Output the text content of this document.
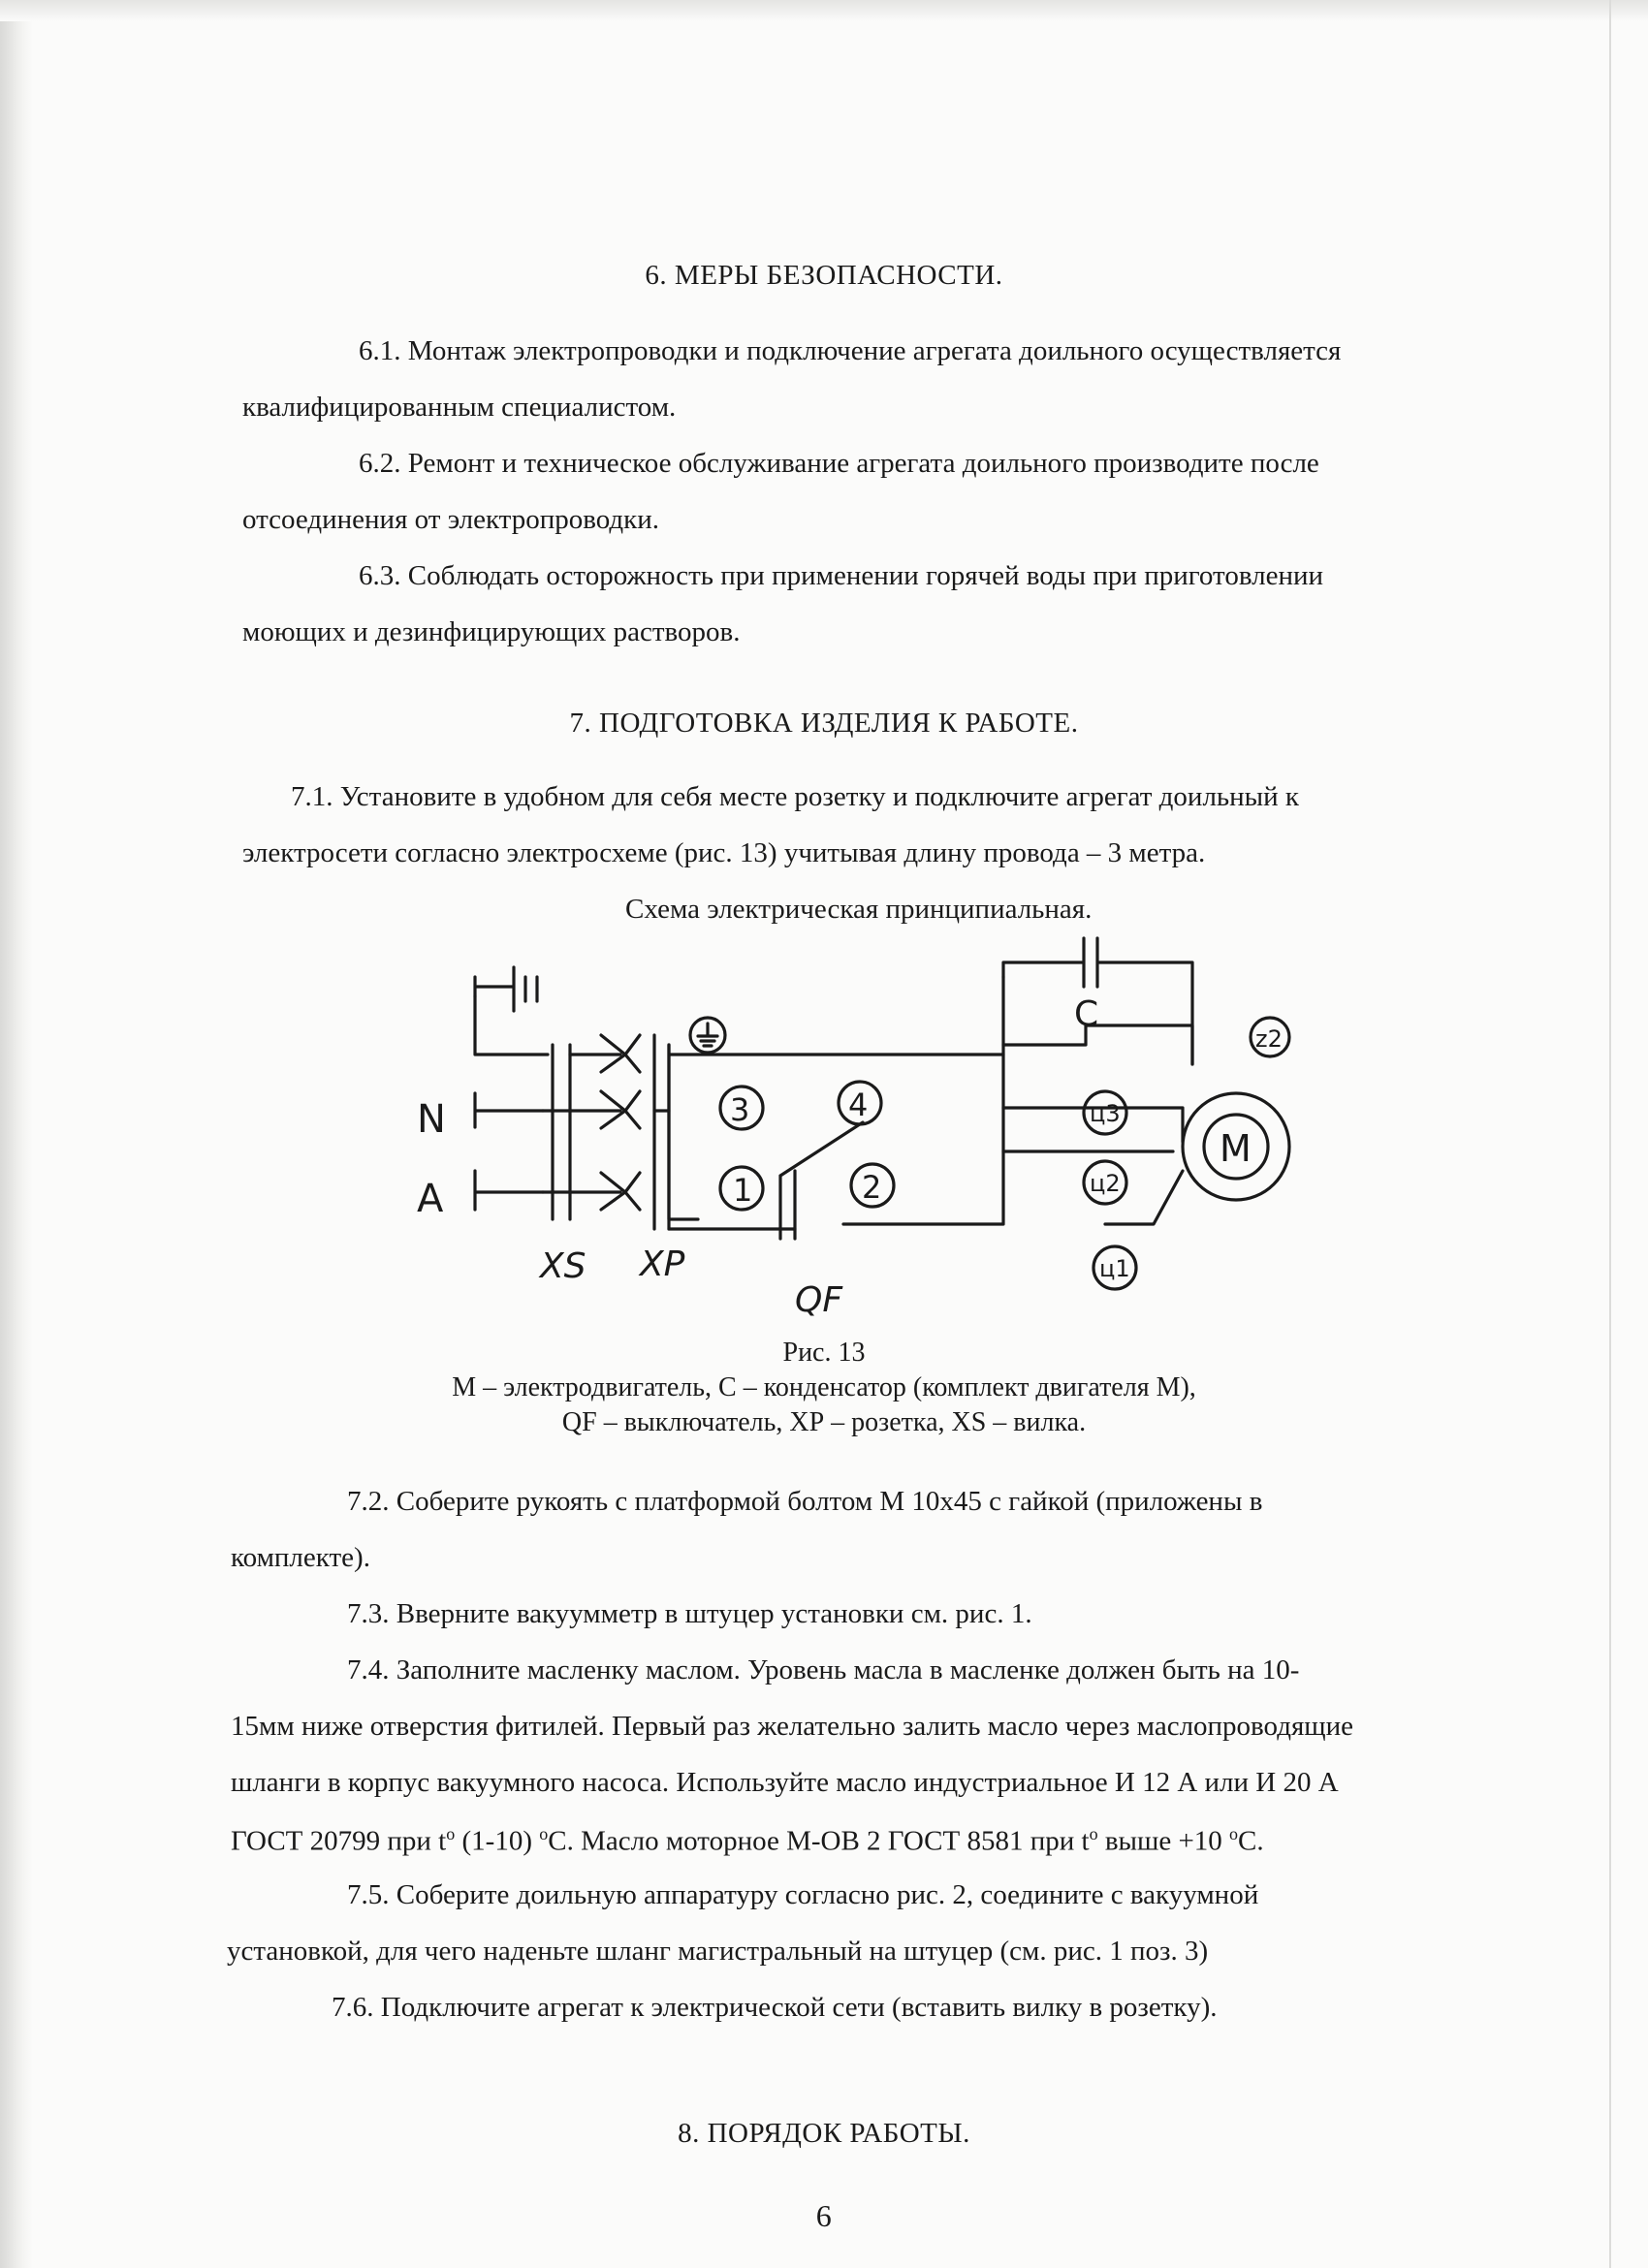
6. МЕРЫ БЕЗОПАСНОСТИ.
6.1. Монтаж электропроводки и подключение агрегата доильного осуществляется
квалифицированным специалистом.
6.2. Ремонт и техническое обслуживание агрегата доильного производите после
отсоединения от электропроводки.
6.3. Соблюдать осторожность при применении горячей воды при приготовлении
моющих и дезинфицирующих растворов.
7. ПОДГОТОВКА ИЗДЕЛИЯ К РАБОТЕ.
7.1. Установите в удобном для себя месте розетку и подключите агрегат доильный к
электросети согласно электросхеме (рис. 13) учитывая длину провода – 3 метра.
Схема электрическая принципиальная.
N
A
XS XP
3	4
1	2
QF
C
M
z2
ц3
ц2
ц1
Рис. 13
М – электродвигатель, С – конденсатор (комплект двигателя М),
QF – выключатель, ХР – розетка, XS – вилка.
7.2. Соберите рукоять с платформой болтом М 10х45 с гайкой (приложены в
комплекте).
7.3. Вверните вакуумметр в штуцер установки см. рис. 1.
7.4. Заполните масленку маслом. Уровень масла в масленке должен быть на 10-
15мм ниже отверстия фитилей. Первый раз желательно залить масло через маслопроводящие
шланги в корпус вакуумного насоса. Используйте масло индустриальное И 12 А или И 20 А
ГОСТ 20799 при $t^o$ (1-10) $^o$С. Масло моторное М-ОВ 2 ГОСТ 8581 при $t^o$ выше +10 $^o$С.
7.5. Соберите доильную аппаратуру согласно рис. 2, соедините с вакуумной
установкой, для чего наденьте шланг магистральный на штуцер (см. рис. 1 поз. 3)
7.6. Подключите агрегат к электрической сети (вставить вилку в розетку).
8. ПОРЯДОК РАБОТЫ.
6
